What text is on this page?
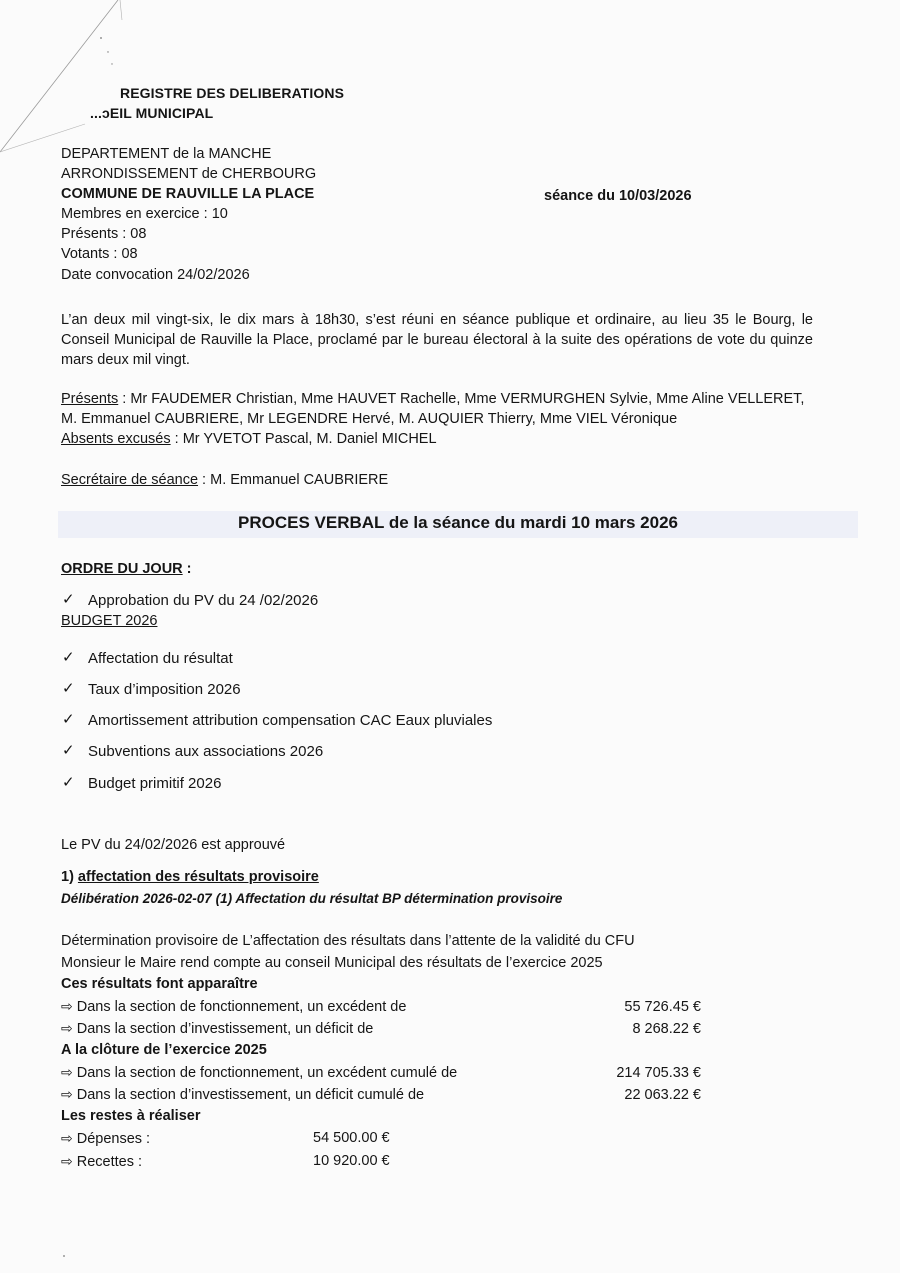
REGISTRE DES DELIBERATIONS
...ɔEIL MUNICIPAL
DEPARTEMENT de la MANCHE
ARRONDISSEMENT de CHERBOURG
COMMUNE DE RAUVILLE LA PLACE	séance du 10/03/2026
Membres en exercice : 10
Présents : 08
Votants : 08
Date convocation 24/02/2026
L’an deux mil vingt-six, le dix mars à 18h30, s’est réuni en séance publique et ordinaire, au lieu 35 le Bourg, le Conseil Municipal de Rauville la Place, proclamé par le bureau électoral à la suite des opérations de vote du quinze mars deux mil vingt.
Présents : Mr FAUDEMER Christian, Mme HAUVET Rachelle, Mme VERMURGHEN Sylvie, Mme Aline VELLERET,
M. Emmanuel CAUBRIERE, Mr LEGENDRE Hervé, M. AUQUIER Thierry, Mme VIEL Véronique
Absents excusés : Mr YVETOT Pascal, M. Daniel MICHEL
Secrétaire de séance : M. Emmanuel CAUBRIERE
PROCES VERBAL de la séance du mardi 10 mars 2026
ORDRE DU JOUR :
✓ Approbation du PV du 24 /02/2026
BUDGET 2026
✓ Affectation du résultat
✓ Taux d’imposition 2026
✓ Amortissement attribution compensation CAC Eaux pluviales
✓ Subventions aux associations 2026
✓ Budget primitif 2026
Le PV du 24/02/2026 est approuvé
1) affectation des résultats provisoire
Délibération 2026-02-07 (1) Affectation du résultat BP détermination provisoire
Détermination provisoire de L’affectation des résultats dans l’attente de la validité du CFU
Monsieur le Maire rend compte au conseil Municipal des résultats de l’exercice 2025
Ces résultats font apparaître
⇨ Dans la section de fonctionnement, un excédent de	55 726.45 €
⇨ Dans la section d’investissement, un déficit de	8 268.22 €
A la clôture de l’exercice 2025
⇨ Dans la section de fonctionnement, un excédent cumulé de	214 705.33 €
⇨ Dans la section d’investissement, un déficit cumulé de	22 063.22 €
Les restes à réaliser
⇨ Dépenses :	54 500.00 €
⇨ Recettes :	10 920.00 €
